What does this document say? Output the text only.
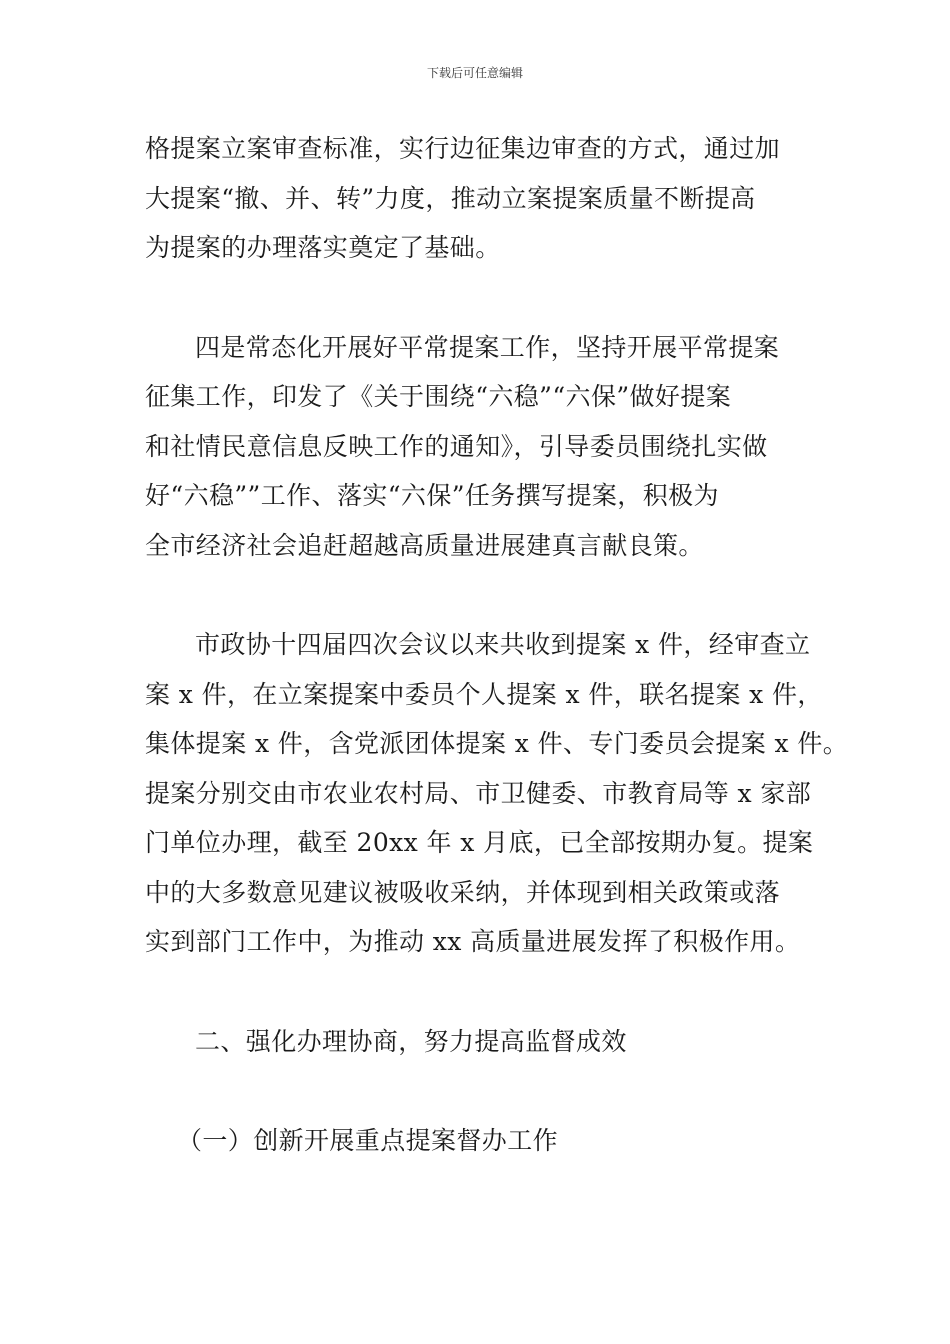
下载后可任意编辑

格提案立案审查标准，实行边征集边审查的方式，通过加
大提案“撤、并、转”力度，推动立案提案质量不断提高
为提案的办理落实奠定了基础。

四是常态化开展好平常提案工作，坚持开展平常提案
征集工作，印发了《关于围绕“六稳”“六保”做好提案
和社情民意信息反映工作的通知》，引导委员围绕扎实做
好“六稳””工作、落实“六保”任务撰写提案，积极为
全市经济社会追赶超越高质量进展建真言献良策。

市政协十四届四次会议以来共收到提案 x 件，经审查立
案 x 件，在立案提案中委员个人提案 x 件，联名提案 x 件，
集体提案 x 件，含党派团体提案 x 件、专门委员会提案 x 件。
提案分别交由市农业农村局、市卫健委、市教育局等 x 家部
门单位办理，截至 20xx 年 x 月底，已全部按期办复。提案
中的大多数意见建议被吸收采纳，并体现到相关政策或落
实到部门工作中，为推动 xx 高质量进展发挥了积极作用。

二、强化办理协商，努力提高监督成效

（一）创新开展重点提案督办工作
